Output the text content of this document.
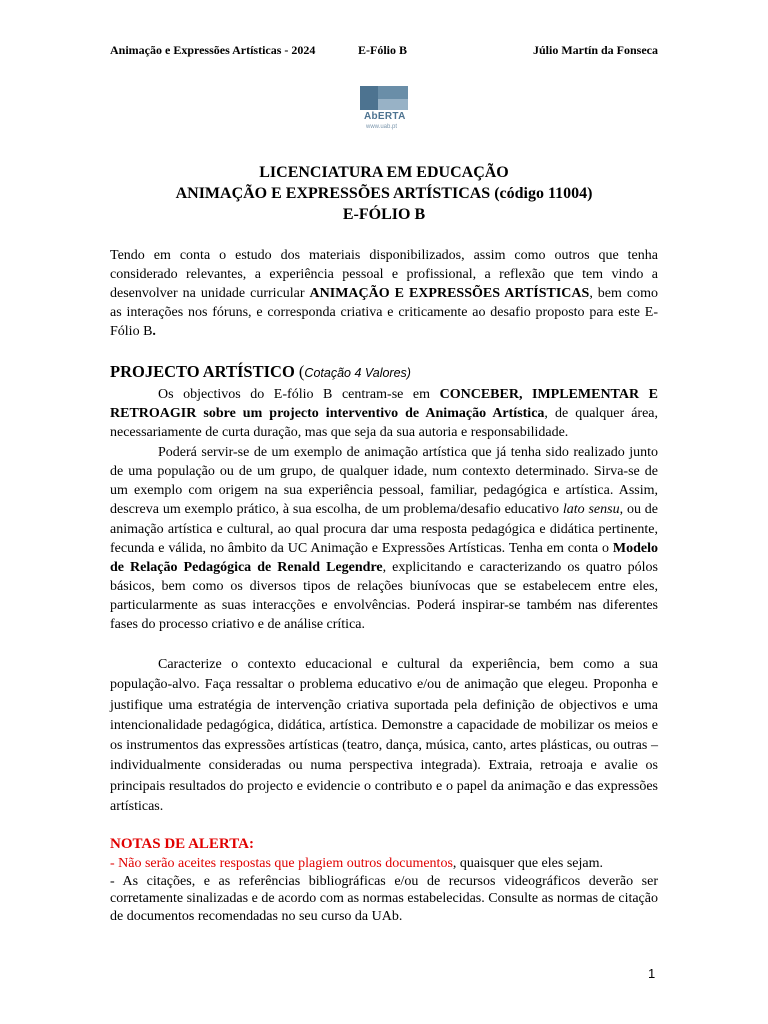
Animação e Expressões Artísticas - 2024	E-Fólio B	Júlio Martín da Fonseca
AbERTA
www.uab.pt
LICENCIATURA EM EDUCAÇÃO
ANIMAÇÃO E EXPRESSÕES ARTÍSTICAS (código 11004)
E-FÓLIO B

Tendo em conta o estudo dos materiais disponibilizados, assim como outros que tenha considerado relevantes, a experiência pessoal e profissional, a reflexão que tem vindo a desenvolver na unidade curricular ANIMAÇÃO E EXPRESSÕES ARTÍSTICAS, bem como as interações nos fóruns, e corresponda criativa e criticamente ao desafio proposto para este E-Fólio B.

PROJECTO ARTÍSTICO (Cotação 4 Valores)

Os objectivos do E-fólio B centram-se em CONCEBER, IMPLEMENTAR E RETROAGIR sobre um projecto interventivo de Animação Artística, de qualquer área, necessariamente de curta duração, mas que seja da sua autoria e responsabilidade.

Poderá servir-se de um exemplo de animação artística que já tenha sido realizado junto de uma população ou de um grupo, de qualquer idade, num contexto determinado. Sirva-se de um exemplo com origem na sua experiência pessoal, familiar, pedagógica e artística. Assim, descreva um exemplo prático, à sua escolha, de um problema/desafio educativo lato sensu, ou de animação artística e cultural, ao qual procura dar uma resposta pedagógica e didática pertinente, fecunda e válida, no âmbito da UC Animação e Expressões Artísticas. Tenha em conta o Modelo de Relação Pedagógica de Renald Legendre, explicitando e caracterizando os quatro pólos básicos, bem como os diversos tipos de relações biunívocas que se estabelecem entre eles, particularmente as suas interacções e envolvências. Poderá inspirar-se também nas diferentes fases do processo criativo e de análise crítica.

Caracterize o contexto educacional e cultural da experiência, bem como a sua população-alvo. Faça ressaltar o problema educativo e/ou de animação que elegeu. Proponha e justifique uma estratégia de intervenção criativa suportada pela definição de objectivos e uma intencionalidade pedagógica, didática, artística. Demonstre a capacidade de mobilizar os meios e os instrumentos das expressões artísticas (teatro, dança, música, canto, artes plásticas, ou outras – individualmente consideradas ou numa perspectiva integrada). Extraia, retroaja e avalie os principais resultados do projecto e evidencie o contributo e o papel da animação e das expressões artísticas.

NOTAS DE ALERTA:

- Não serão aceites respostas que plagiem outros documentos, quaisquer que eles sejam.

- As citações, e as referências bibliográficas e/ou de recursos videográficos deverão ser corretamente sinalizadas e de acordo com as normas estabelecidas. Consulte as normas de citação de documentos recomendadas no seu curso da UAb.

1
